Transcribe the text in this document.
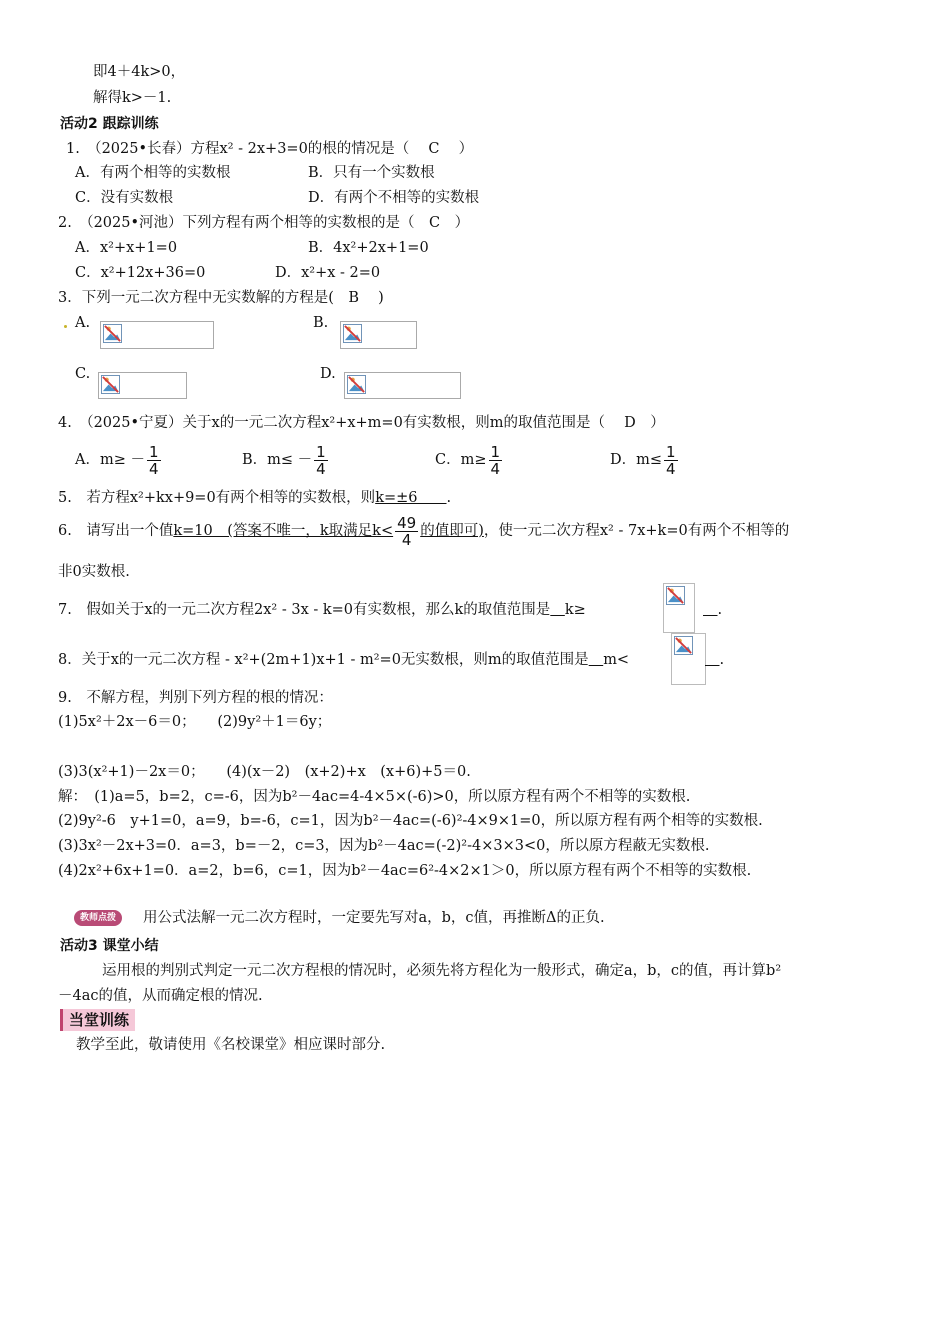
即4＋4k>0，
解得k>－1.
活动2 跟踪训练
1.　（2025•长春）方程x² - 2x+3=0的根的情况是（　 C　 ）
A．有两个相等的实数根	B．只有一个实数根
C．没有实数根	D．有两个不相等的实数根
2.　（2025•河池）下列方程有两个相等的实数根的是（　C　）
A．x²+x+1=0	B．4x²+2x+1=0
C．x²+12x+36=0	D．x²+x - 2=0
3．下列一元二次方程中无实数解的方程是(　B　 )
A.	B.
C.	D.
4.　（2025•宁夏）关于x的一元二次方程x²+x+m=0有实数根，则m的取值范围是（　 D　）
A．$m\ge - \frac{1}{4}$	B．$m\le - \frac{1}{4}$	C．$m\ge \frac{1}{4}$	D．$m\le \frac{1}{4}$
5.　若方程x²+kx+9=0有两个相等的实数根，则k=±6   .
6.　请写出一个值k=10　(答案不唯一，k取满足$k< \frac{49}{4}$ 的值即可)，使一元二次方程x² - 7x+k=0有两个不相等的
非0实数根.
7.　假如关于x的一元二次方程2x² - 3x - k=0有实数根，那么k的取值范围是   k≥
  	.
8．关于x的一元二次方程 - x²+(2m+1)x+1 - m²=0无实数根，则m的取值范围是   m<
  	.
9.　不解方程，判别下列方程的根的情况：
(1)5x²＋2x－6＝0；　　(2)9y²＋1＝6y；
(3)3(x²+1)－2x＝0；　　(4)(x－2)　(x+2)+x　(x+6)+5＝0.
解：　(1)a=5，b=2，c=-6，因为b²－4ac=4-4×5×(-6)>0，所以原方程有两个不相等的实数根.
(2)9y²-6　y+1=0，a=9，b=-6，c=1，因为b²－4ac=(-6)²-4×9×1=0，所以原方程有两个相等的实数根.
(3)3x²－2x+3=0．a=3，b=－2，c=3，因为b²－4ac=(-2)²-4×3×3<0，所以原方程蔽无实数根.
(4)2x²+6x+1=0．a=2，b=6，c=1，因为b²－4ac=6²-4×2×1＞0，所以原方程有两个不相等的实数根.
教师点拨	用公式法解一元二次方程时，一定要先写对a，b，c值，再推断Δ的正负.
活动3 课堂小结
运用根的判别式判定一元二次方程根的情况时，必须先将方程化为一般形式，确定a，b，c的值，再计算b²
－4ac的值，从而确定根的情况.
当堂训练
教学至此，敬请使用《名校课堂》相应课时部分.
